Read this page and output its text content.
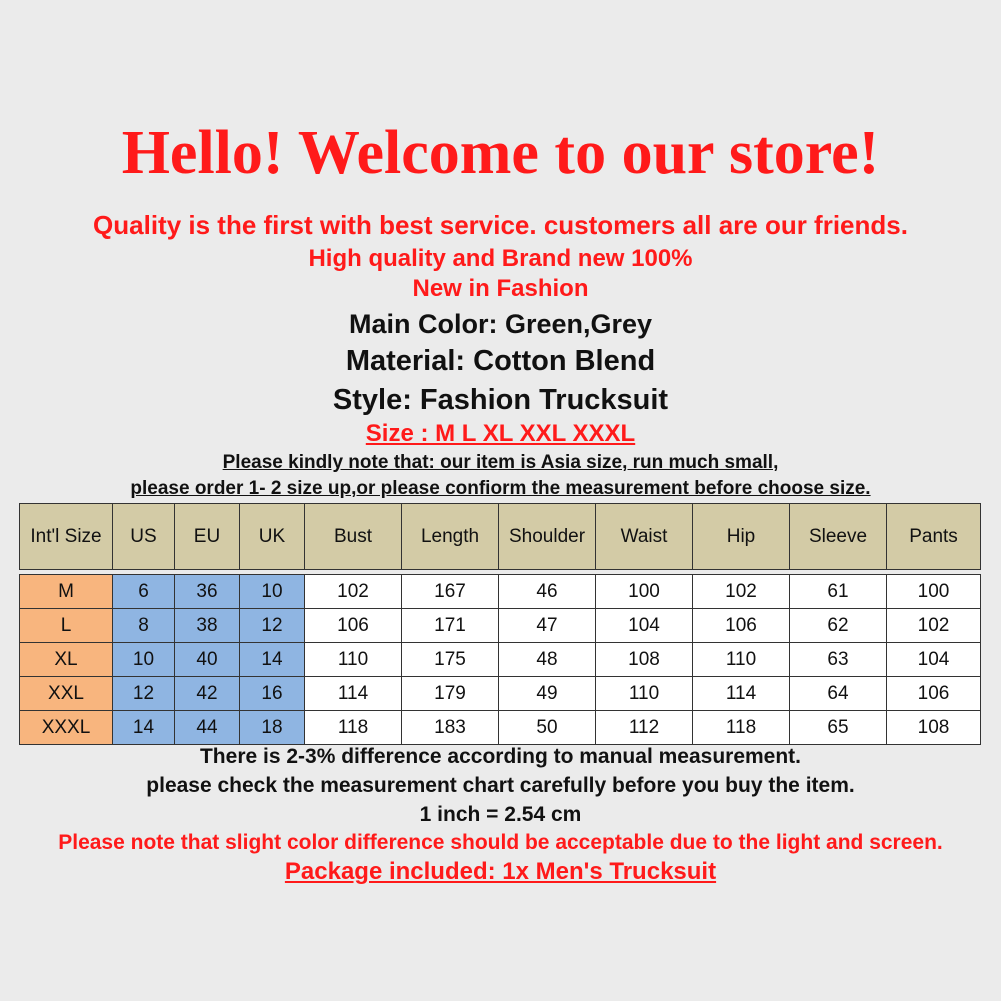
Hello! Welcome to our store!
Quality is the first with best service. customers all are our friends.
High quality and Brand new 100%
New in Fashion
Main Color: Green,Grey
Material: Cotton Blend
Style: Fashion Trucksuit
Size : M L XL XXL XXXL
Please kindly note that: our item is Asia size, run much small,
please order 1- 2 size up,or please confiorm the measurement before choose size.
Int'l Size	US	EU	UK	Bust	Length	Shoulder	Waist	Hip	Sleeve	Pants

M	6	36	10	102	167	46	100	102	61	100
L	8	38	12	106	171	47	104	106	62	102
XL	10	40	14	110	175	48	108	110	63	104
XXL	12	42	16	114	179	49	110	114	64	106
XXXL	14	44	18	118	183	50	112	118	65	108
There is 2-3% difference according to manual measurement.
please check the measurement chart carefully before you buy the item.
1 inch = 2.54 cm
Please note that slight color difference should be acceptable due to the light and screen.
Package included: 1x Men's Trucksuit
